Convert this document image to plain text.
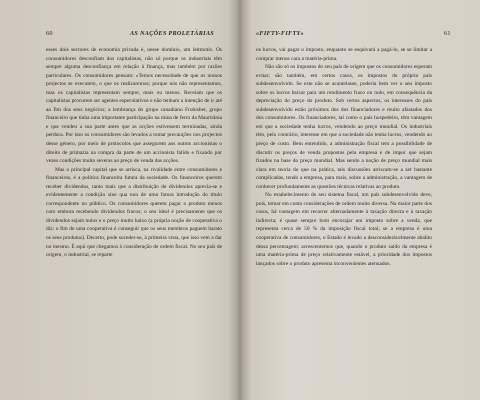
60	AS NAÇÕES PROLETÁRIAS

esses dois sectores de economia privada é, nesse domínio, um leitmotiv. Os consumidores desconfiam dos capitalistas, não só porque os industriais têm sempre alguma desconfiança em relação à finança, mas também por razões particulares. Os consumidores pensam: «Temos necessidade de que os nossos projectos se executem, o que os realizaremos; porque nós não representamos, mas os capitalistas representam sempre, mais ou menos. Receiam que os capitalistas procurem ser agentes especulativos e não tenham a intenção de ir até ao fim dos seus negócios; a lembrança do grupo canadiano Frobisher, grupo financeiro que tinha uma importante participação na mina de ferro da Mauritânia e que vendeu a sua parte antes que as acções estivessem terminadas, ainda perdura. Por isso os consumidores são levados a tomar precauções nos projectos desse género, por meio de protocolos que assegurem aos outros accionistas o direito de primazia na compra da parte de um accionista falido e fixando por vezes condições muito severas ao preço de venda das acções.

Mas o principal capital que se arrisca, na rivalidade entre consumidores e financeiros, é a política financeira futura da sociedade. Os financeiros querem receber dividendos, tanto mais que a distribuição de dividendos aprecia-se e evidentemente a condição sine qua non de uma futura introdução do título correspondente no público. Os consumidores querem pagar o produto menos caro embora recebendo dividendos fracos; o seu ideal é precisamente que os dividendos sejam nulos e o preço muito baixo (a própria noção de cooperativa o diz: o fim de uma cooperativa é conseguir que os seus membros paguem barato os seus produtos). Decerto, pode suceder-se, à primeira vista, que isso vem a dar no mesmo. É aqui que chegamos à consideração de ordem fiscal. No seu país de origem, o industrial, se reparte

«FIFTY-FIFTY»	61

os lucros, vai pagar o imposto, enquanto se esquivará a pagá-lo, se se limitar a comprar menos cara a matéria-prima.

Não são só os impostos do seu país de origem que os consumidores esperam evitar; são também, em certos casos, os impostos do próprio país subdesenvolvido. Se este não se acautelasse, poderia bem ver o seu imposto sobre os lucros baixar para um rendimento fraco ou nulo, em consequência da depreciação do preço do produto. Sob certos aspectos, os interesses do país subdesenvolvido estão próximos dos dos financiadores e muito afastados dos dos consumidores. Os financiadores, tal como o país hospedeiro, têm vantagem em que a sociedade tenha lucros, vendendo ao preço mundial. Os industriais têm, pelo contrário, interesse em que a sociedade não tenha lucros, vendendo ao preço de custo. Bem entendido, a administração fiscal tem a possibilidade de discutir os preços de venda propostos pela empresa e de impor que sejam fixados na base do preço mundial. Mas sendo a noção de preço mundial mais clara em teoria do que na prática, tais discussões arriscam-se a ser bastante complicadas, tendo a empresa, para mais, sobre a administração, a vantagem de conhecer profundamente as questões técnicas relativas ao produto.

No estabelecimento do seu sistema fiscal, um país subdesenvolvido deve, pois, tomar em conta considerações de ordem muito diversa. Na maior parte dos casos, há vantagem em recorrer alternadamente à taxação directa e à taxação indirecta; é quase sempre bom encorajar um imposto sobre a venda, que representa cerca de 50 % da imposição fiscal total; se a empresa é uma cooperativa de consumidores, o Estado é levado a desconsiderávelmente abalito dessa percentagem; acrescentemos que, quando o produto saído da empresa é uma matéria-prima de preço relativamente estável, a prioridade dos impostos lançados sobre o produto apresenta inconvenientes atenuados.
